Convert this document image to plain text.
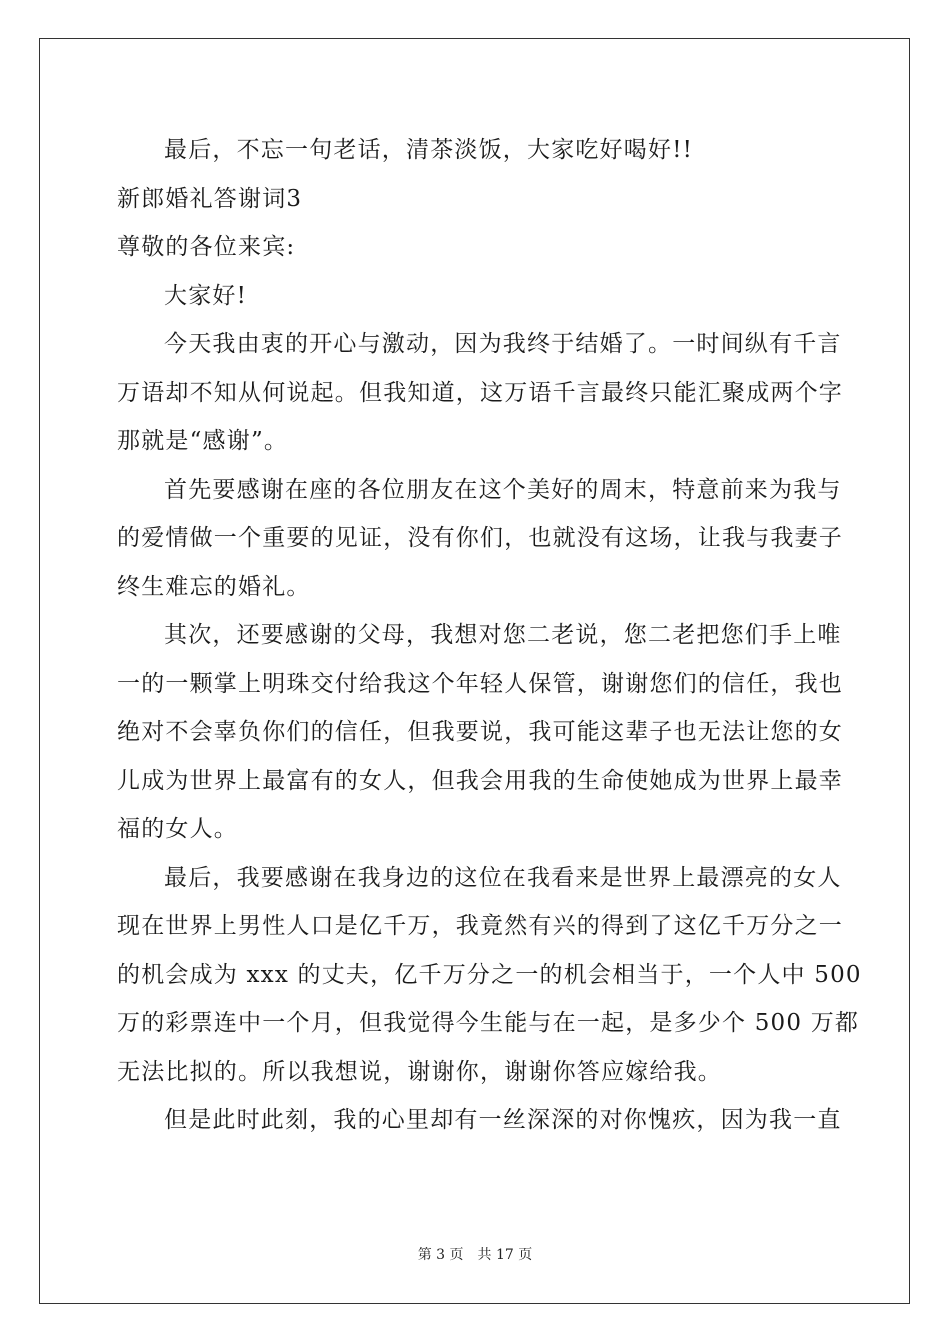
最后，不忘一句老话，清茶淡饭，大家吃好喝好!!
新郎婚礼答谢词3
尊敬的各位来宾:
大家好!
今天我由衷的开心与激动，因为我终于结婚了。一时间纵有千言
万语却不知从何说起。但我知道，这万语千言最终只能汇聚成两个字
那就是“感谢”。
首先要感谢在座的各位朋友在这个美好的周末，特意前来为我与
的爱情做一个重要的见证，没有你们，也就没有这场，让我与我妻子
终生难忘的婚礼。
其次，还要感谢的父母，我想对您二老说，您二老把您们手上唯
一的一颗掌上明珠交付给我这个年轻人保管，谢谢您们的信任，我也
绝对不会辜负你们的信任，但我要说，我可能这辈子也无法让您的女
儿成为世界上最富有的女人，但我会用我的生命使她成为世界上最幸
福的女人。
最后，我要感谢在我身边的这位在我看来是世界上最漂亮的女人
现在世界上男性人口是亿千万，我竟然有兴的得到了这亿千万分之一
的机会成为 xxx 的丈夫，亿千万分之一的机会相当于，一个人中 500
万的彩票连中一个月，但我觉得今生能与在一起，是多少个 500 万都
无法比拟的。所以我想说，谢谢你，谢谢你答应嫁给我。
但是此时此刻，我的心里却有一丝深深的对你愧疚，因为我一直
第 3 页 共 17 页
